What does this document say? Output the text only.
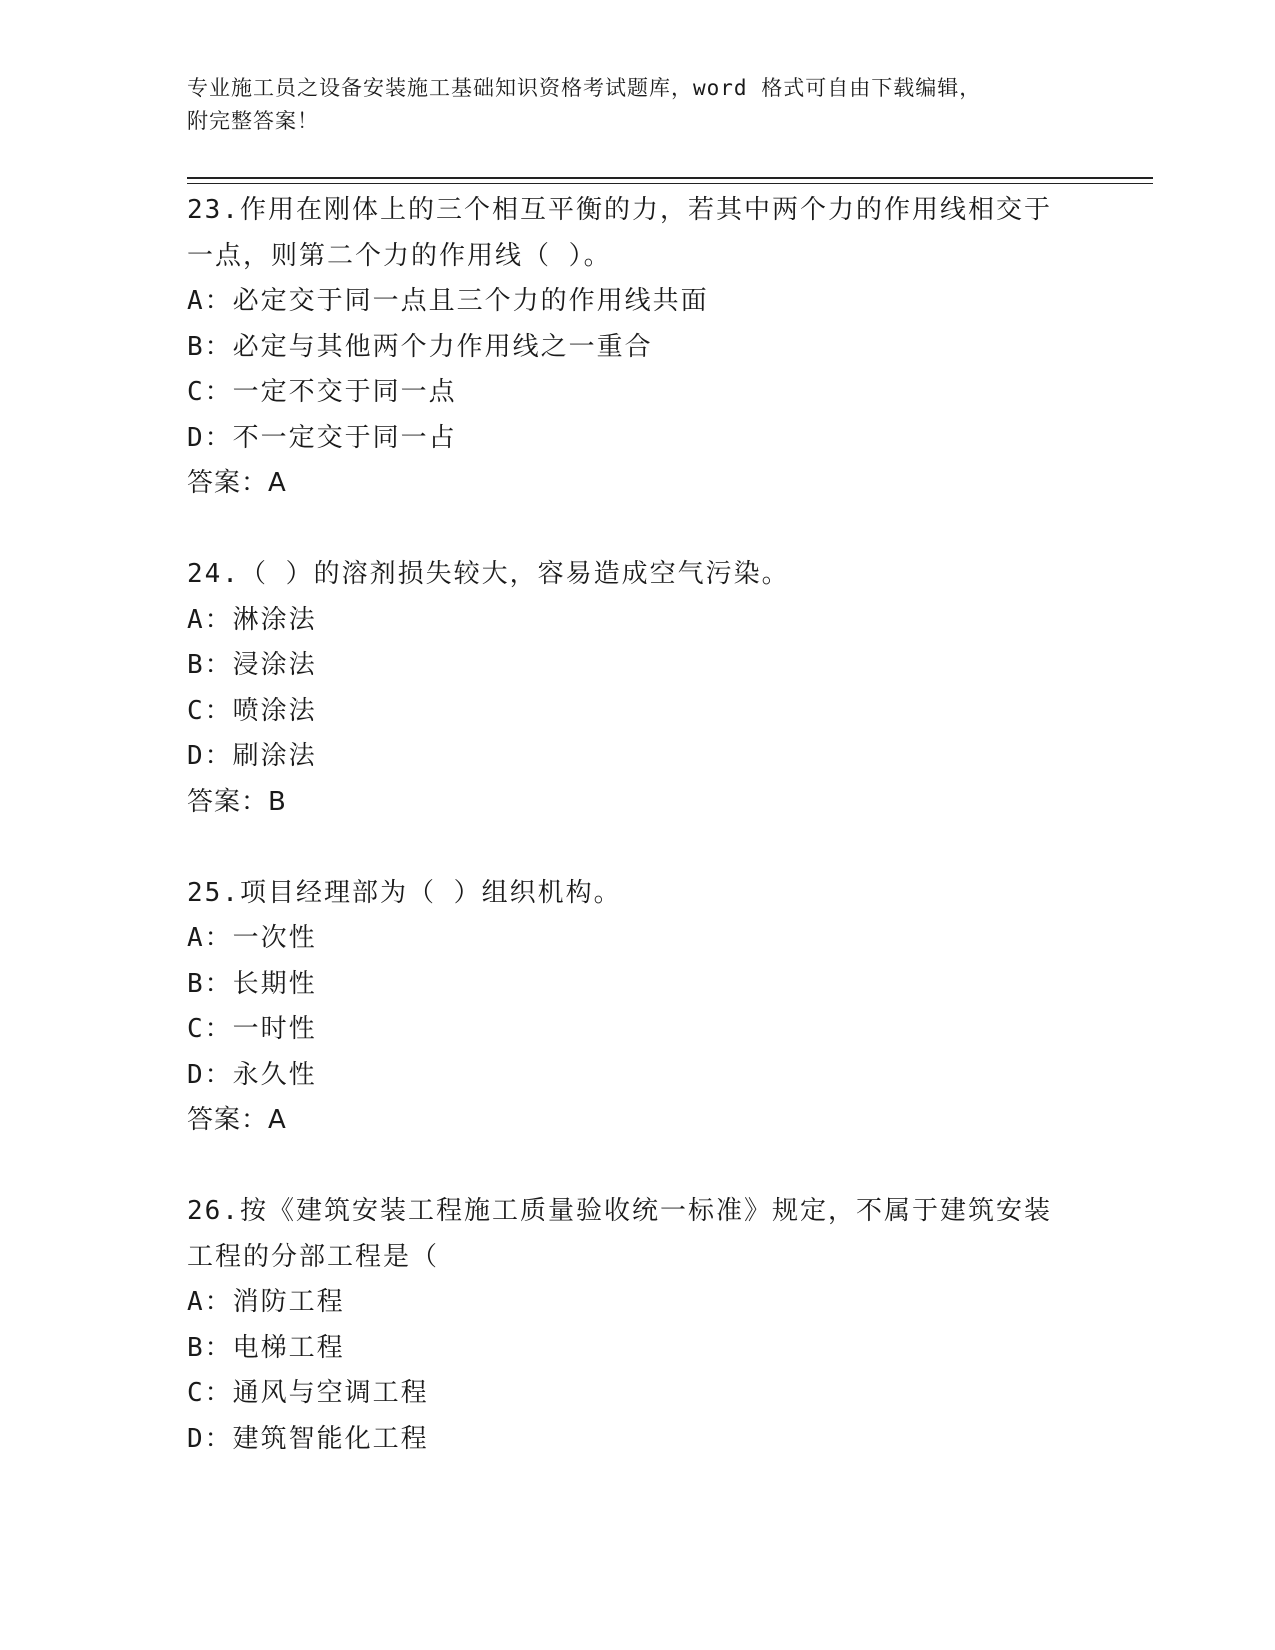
专业施工员之设备安装施工基础知识资格考试题库，word 格式可自由下载编辑，
附完整答案！
23.作用在刚体上的三个相互平衡的力，若其中两个力的作用线相交于
一点，则第二个力的作用线（ ）。
A：必定交于同一点且三个力的作用线共面
B：必定与其他两个力作用线之一重合
C：一定不交于同一点
D：不一定交于同一占
答案：A
24.（ ）的溶剂损失较大，容易造成空气污染。
A：淋涂法
B：浸涂法
C：喷涂法
D：刷涂法
答案：B
25.项目经理部为（ ）组织机构。
A：一次性
B：长期性
C：一时性
D：永久性
答案：A
26.按《建筑安装工程施工质量验收统一标准》规定，不属于建筑安装
工程的分部工程是（
A：消防工程
B：电梯工程
C：通风与空调工程
D：建筑智能化工程
